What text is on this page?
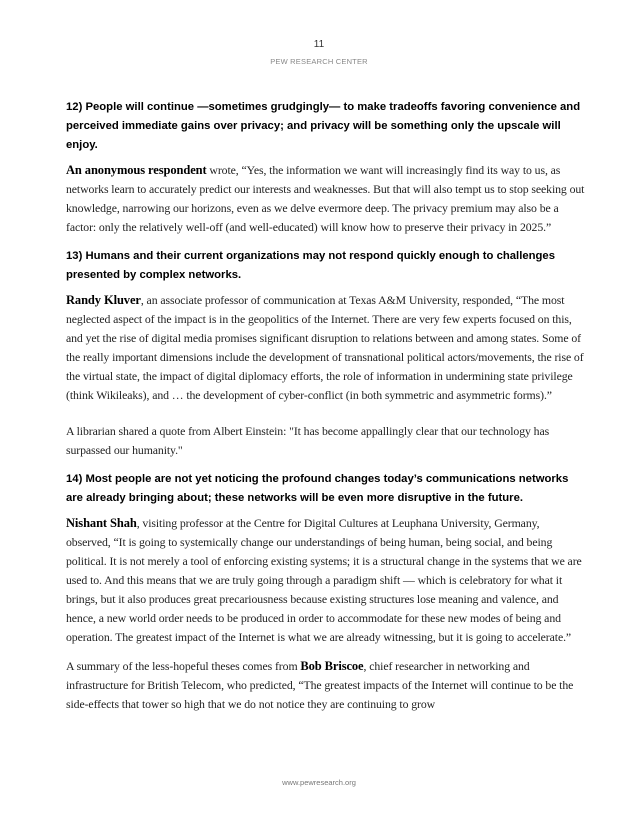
11
PEW RESEARCH CENTER

12) People will continue —sometimes grudgingly— to make tradeoffs favoring convenience and perceived immediate gains over privacy; and privacy will be something only the upscale will enjoy.

An anonymous respondent wrote, “Yes, the information we want will increasingly find its way to us, as networks learn to accurately predict our interests and weaknesses. But that will also tempt us to stop seeking out knowledge, narrowing our horizons, even as we delve evermore deep. The privacy premium may also be a factor: only the relatively well-off (and well-educated) will know how to preserve their privacy in 2025.”

13) Humans and their current organizations may not respond quickly enough to challenges presented by complex networks.

Randy Kluver, an associate professor of communication at Texas A&M University, responded, “The most neglected aspect of the impact is in the geopolitics of the Internet. There are very few experts focused on this, and yet the rise of digital media promises significant disruption to relations between and among states. Some of the really important dimensions include the development of transnational political actors/movements, the rise of the virtual state, the impact of digital diplomacy efforts, the role of information in undermining state privilege (think Wikileaks), and … the development of cyber-conflict (in both symmetric and asymmetric forms).”

A librarian shared a quote from Albert Einstein: "It has become appallingly clear that our technology has surpassed our humanity."

14) Most people are not yet noticing the profound changes today’s communications networks are already bringing about; these networks will be even more disruptive in the future.

Nishant Shah, visiting professor at the Centre for Digital Cultures at Leuphana University, Germany, observed, “It is going to systemically change our understandings of being human, being social, and being political. It is not merely a tool of enforcing existing systems; it is a structural change in the systems that we are used to. And this means that we are truly going through a paradigm shift — which is celebratory for what it brings, but it also produces great precariousness because existing structures lose meaning and valence, and hence, a new world order needs to be produced in order to accommodate for these new modes of being and operation. The greatest impact of the Internet is what we are already witnessing, but it is going to accelerate.”

A summary of the less-hopeful theses comes from Bob Briscoe, chief researcher in networking and infrastructure for British Telecom, who predicted, “The greatest impacts of the Internet will continue to be the side-effects that tower so high that we do not notice they are continuing to grow

www.pewresearch.org
